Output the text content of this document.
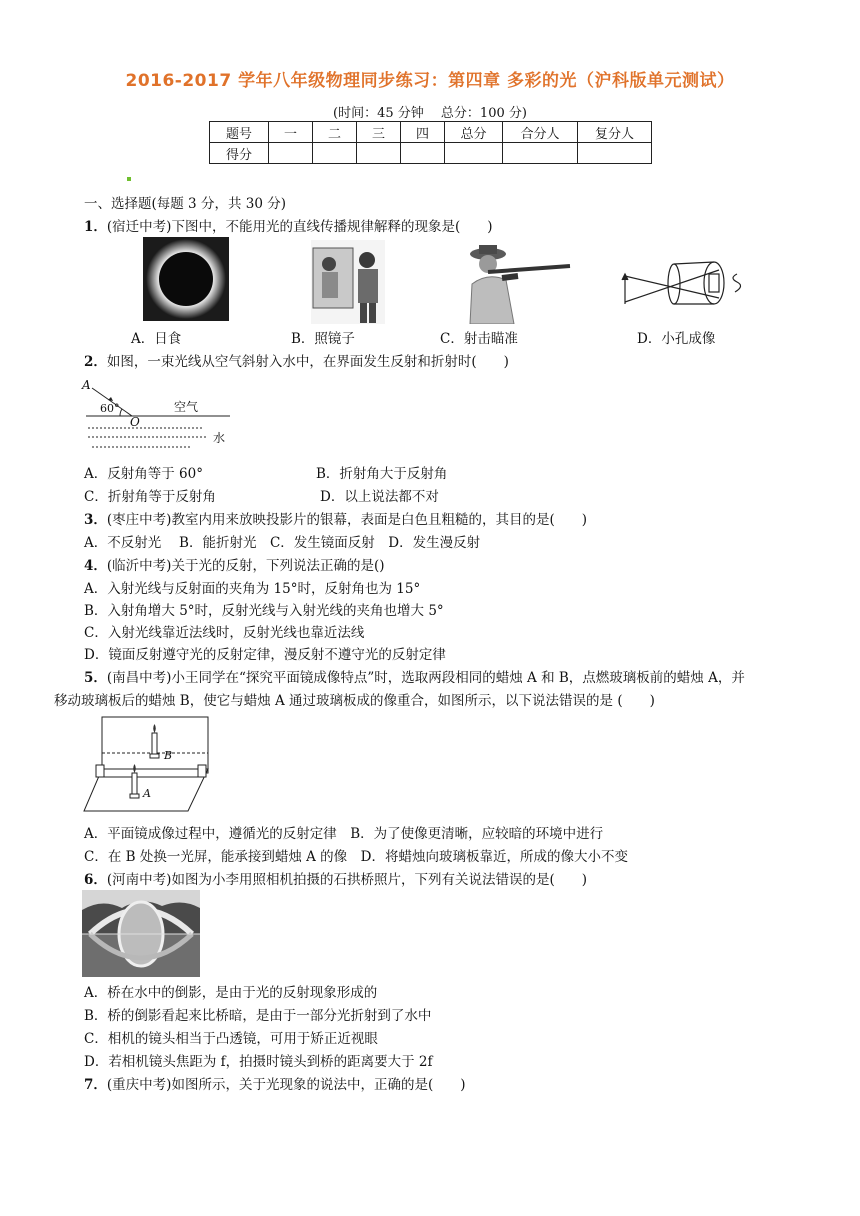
2016-2017 学年八年级物理同步练习：第四章 多彩的光（沪科版单元测试）
(时间：45 分钟　 总分：100 分)
题号	一	二	三	四	总分	合分人	复分人
得分							
一、选择题(每题 3 分，共 30 分)
1．(宿迁中考)下图中，不能用光的直线传播规律解释的现象是(　　)
A．日食	B．照镜子	C．射击瞄准	D．小孔成像
2．如图，一束光线从空气斜射入水中，在界面发生反射和折射时(　　)
A
60°	空气
O
水
A．反射角等于 60°	B．折射角大于反射角
C．折射角等于反射角	D．以上说法都不对
3．(枣庄中考)教室内用来放映投影片的银幕，表面是白色且粗糙的，其目的是(　　)
A．不反射光　 B．能折射光　C．发生镜面反射　D．发生漫反射
4．(临沂中考)关于光的反射，下列说法正确的是()
A．入射光线与反射面的夹角为 15°时，反射角也为 15°
B．入射角增大 5°时，反射光线与入射光线的夹角也增大 5°
C．入射光线靠近法线时，反射光线也靠近法线
D．镜面反射遵守光的反射定律，漫反射不遵守光的反射定律
5．(南昌中考)小王同学在“探究平面镜成像特点”时，选取两段相同的蜡烛 A 和 B，点燃玻璃板前的蜡烛 A，并
移动玻璃板后的蜡烛 B，使它与蜡烛 A 通过玻璃板成的像重合，如图所示，以下说法错误的是 (　　)
B
A
A．平面镜成像过程中，遵循光的反射定律　B．为了使像更清晰，应较暗的环境中进行
C．在 B 处换一光屏，能承接到蜡烛 A 的像　D．将蜡烛向玻璃板靠近，所成的像大小不变
6．(河南中考)如图为小李用照相机拍摄的石拱桥照片，下列有关说法错误的是(　　)
A．桥在水中的倒影，是由于光的反射现象形成的
B．桥的倒影看起来比桥暗，是由于一部分光折射到了水中
C．相机的镜头相当于凸透镜，可用于矫正近视眼
D．若相机镜头焦距为 f，拍摄时镜头到桥的距离要大于 2f
7．(重庆中考)如图所示，关于光现象的说法中，正确的是(　　)
